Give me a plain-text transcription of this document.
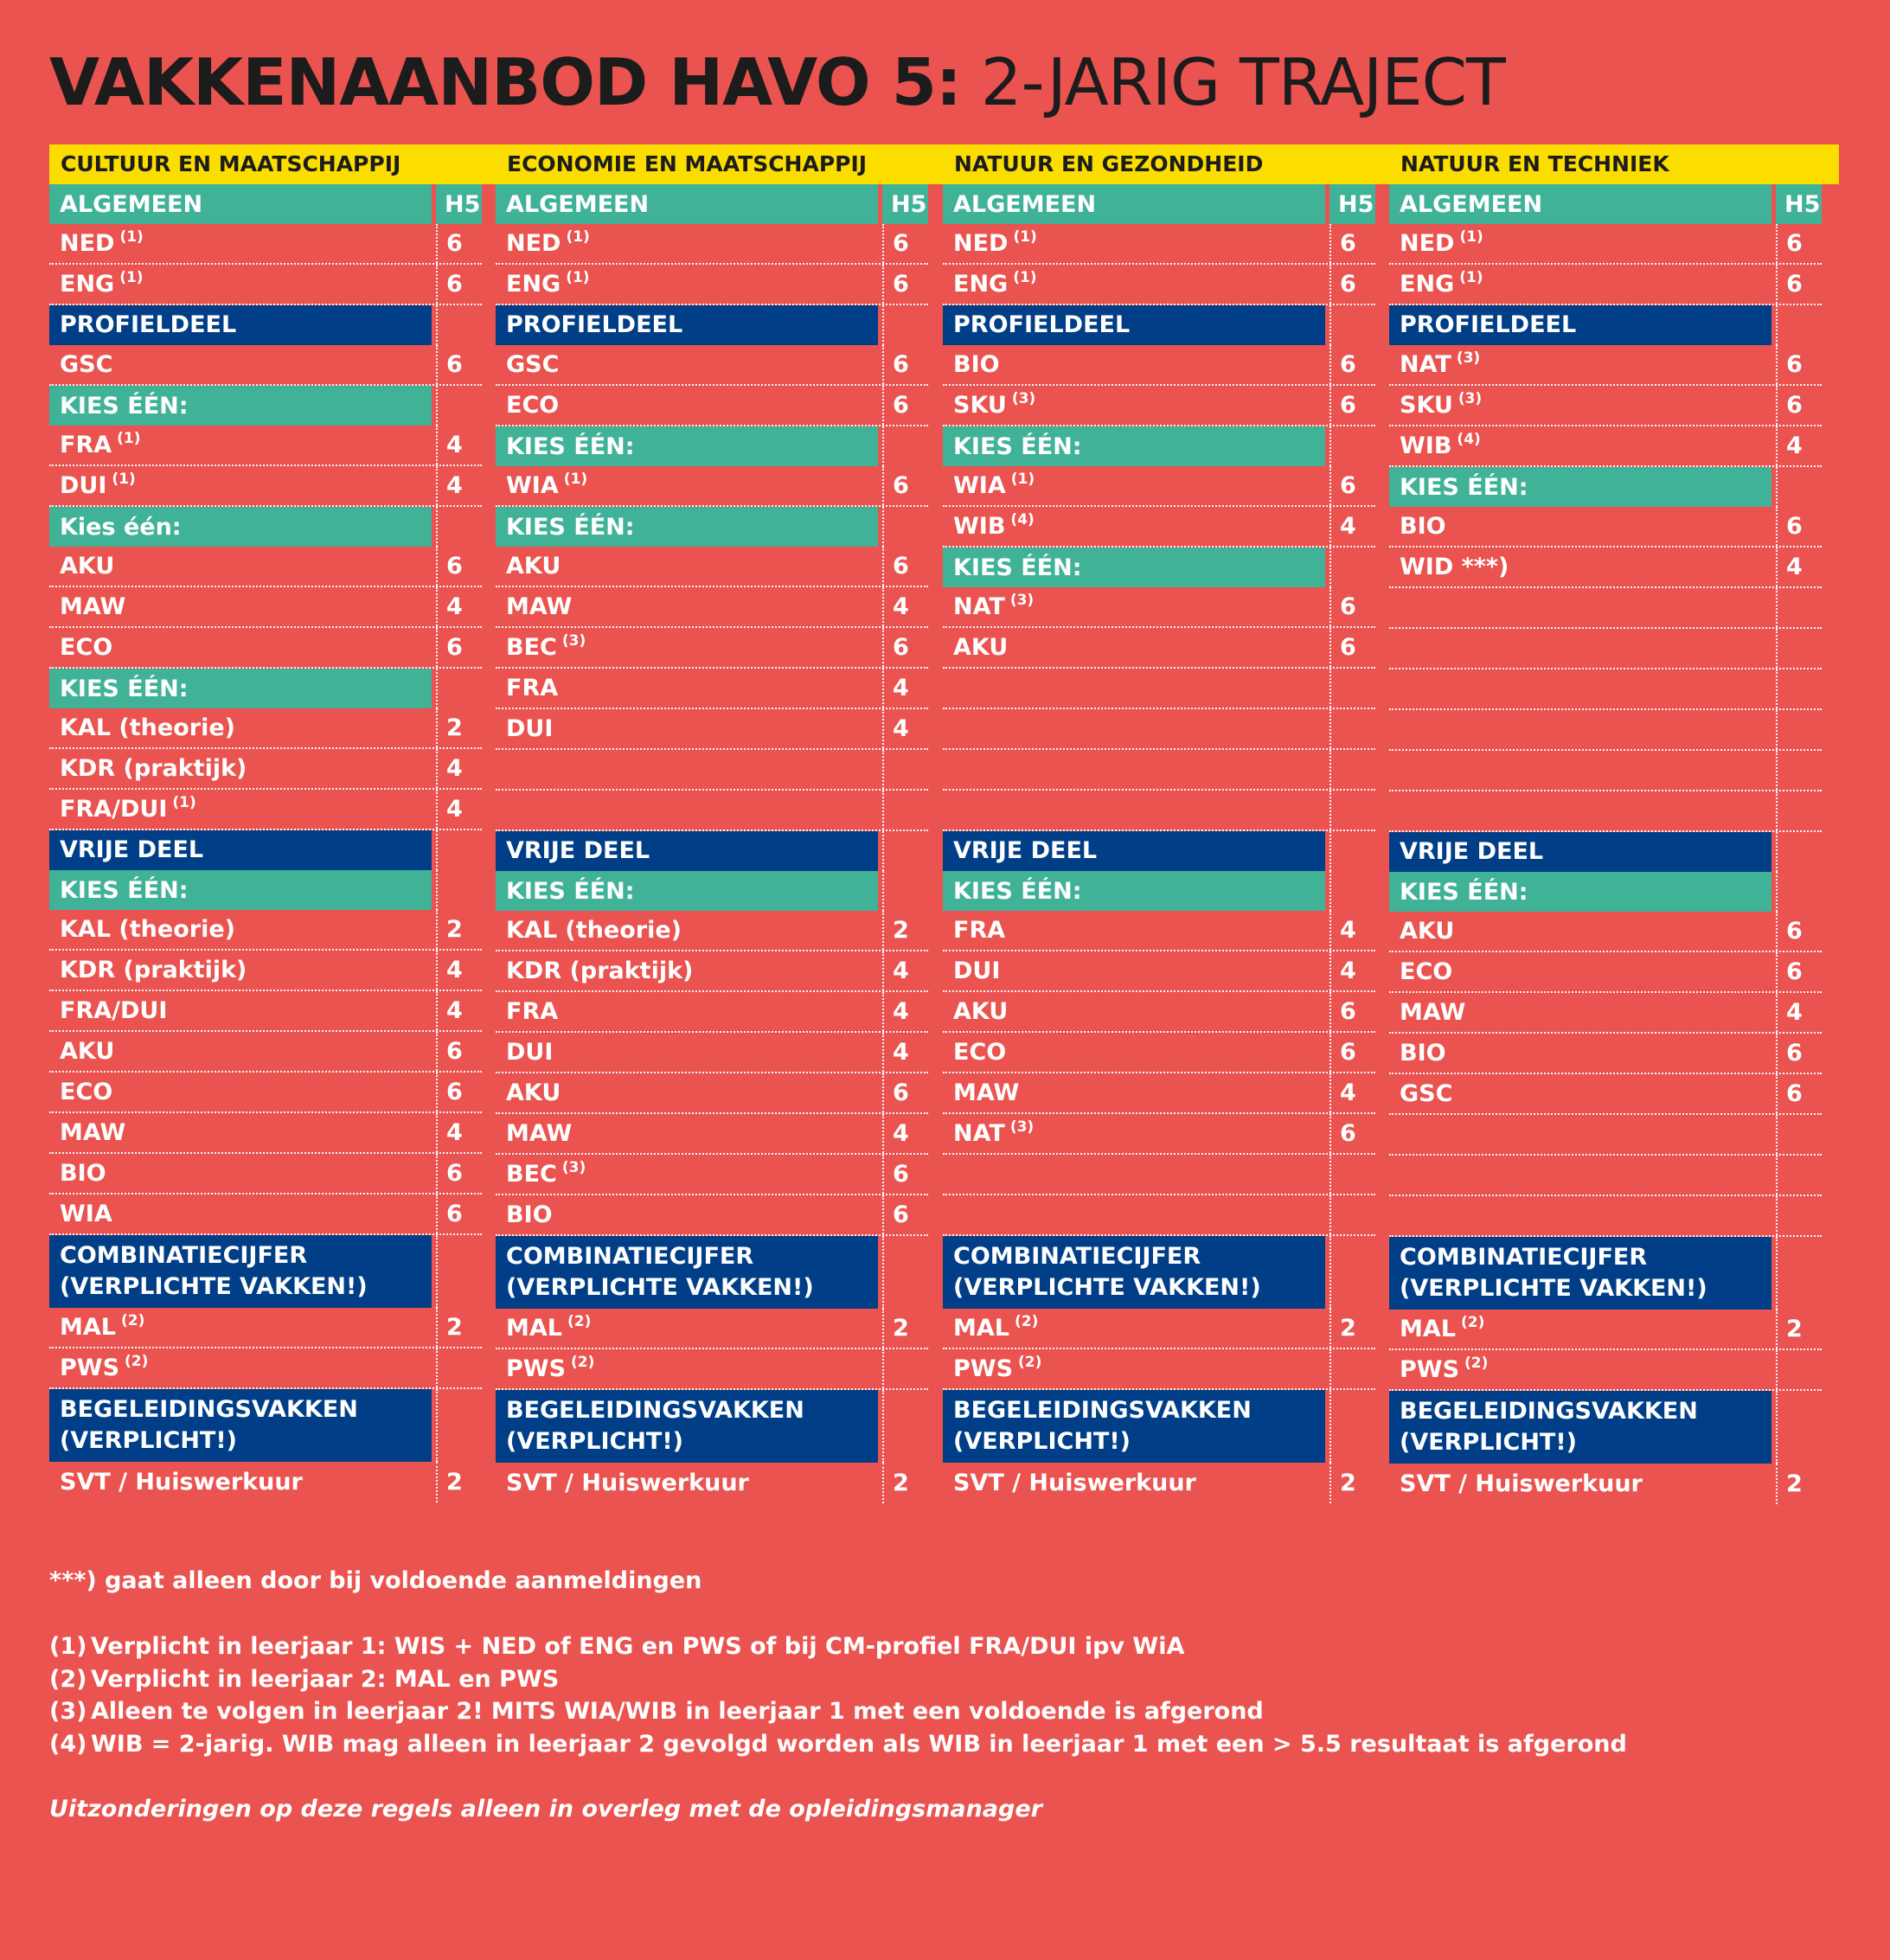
VAKKENAANBOD HAVO 5: 2-JARIG TRAJECT
CULTUUR EN MAATSCHAPPIJ	ECONOMIE EN MAATSCHAPPIJ	NATUUR EN GEZONDHEID	NATUUR EN TECHNIEK
ALGEMEEN	H5
NED $^{(1)}$	6
ENG $^{(1)}$	6
PROFIELDEEL
GSC	6
KIES ÉÉN:
FRA $^{(1)}$	4
DUI $^{(1)}$	4
Kies één:
AKU	6
MAW	4
ECO	6
KIES ÉÉN:
KAL (theorie)	2
KDR (praktijk)	4
FRA/DUI $^{(1)}$	4
VRIJE DEEL
KIES ÉÉN:
KAL (theorie)	2
KDR (praktijk)	4
FRA/DUI	4
AKU	6
ECO	6
MAW	4
BIO	6
WIA	6
COMBINATIECIJFER (VERPLICHTE VAKKEN!)
MAL $^{(2)}$	2
PWS $^{(2)}$
BEGELEIDINGSVAKKEN (VERPLICHT!)
SVT / Huiswerkuur	2
ALGEMEEN	H5
NED $^{(1)}$	6
ENG $^{(1)}$	6
PROFIELDEEL
GSC	6
ECO	6
KIES ÉÉN:
WIA $^{(1)}$	6
KIES ÉÉN:
AKU	6
MAW	4
BEC $^{(3)}$	6
FRA	4
DUI	4
VRIJE DEEL
KIES ÉÉN:
KAL (theorie)	2
KDR (praktijk)	4
FRA	4
DUI	4
AKU	6
MAW	4
BEC $^{(3)}$	6
BIO	6
COMBINATIECIJFER (VERPLICHTE VAKKEN!)
MAL $^{(2)}$	2
PWS $^{(2)}$
BEGELEIDINGSVAKKEN (VERPLICHT!)
SVT / Huiswerkuur	2
ALGEMEEN	H5
NED $^{(1)}$	6
ENG $^{(1)}$	6
PROFIELDEEL
BIO	6
SKU $^{(3)}$	6
KIES ÉÉN:
WIA $^{(1)}$	6
WIB $^{(4)}$	4
KIES ÉÉN:
NAT $^{(3)}$	6
AKU	6
VRIJE DEEL
KIES ÉÉN:
FRA	4
DUI	4
AKU	6
ECO	6
MAW	4
NAT $^{(3)}$	6
COMBINATIECIJFER (VERPLICHTE VAKKEN!)
MAL $^{(2)}$	2
PWS $^{(2)}$
BEGELEIDINGSVAKKEN (VERPLICHT!)
SVT / Huiswerkuur	2
ALGEMEEN	H5
NED $^{(1)}$	6
ENG $^{(1)}$	6
PROFIELDEEL
NAT $^{(3)}$	6
SKU $^{(3)}$	6
WIB $^{(4)}$	4
KIES ÉÉN:
BIO	6
WID ***)	4
VRIJE DEEL
KIES ÉÉN:
AKU	6
ECO	6
MAW	4
BIO	6
GSC	6
COMBINATIECIJFER (VERPLICHTE VAKKEN!)
MAL $^{(2)}$	2
PWS $^{(2)}$
BEGELEIDINGSVAKKEN (VERPLICHT!)
SVT / Huiswerkuur	2
***) gaat alleen door bij voldoende aanmeldingen
(1) Verplicht in leerjaar 1: WIS + NED of ENG en PWS of bij CM-profiel FRA/DUI ipv WiA
(2) Verplicht in leerjaar 2: MAL en PWS
(3) Alleen te volgen in leerjaar 2! MITS WIA/WIB in leerjaar 1 met een voldoende is afgerond
(4) WIB = 2-jarig. WIB mag alleen in leerjaar 2 gevolgd worden als WIB in leerjaar 1 met een > 5.5 resultaat is afgerond
Uitzonderingen op deze regels alleen in overleg met de opleidingsmanager
